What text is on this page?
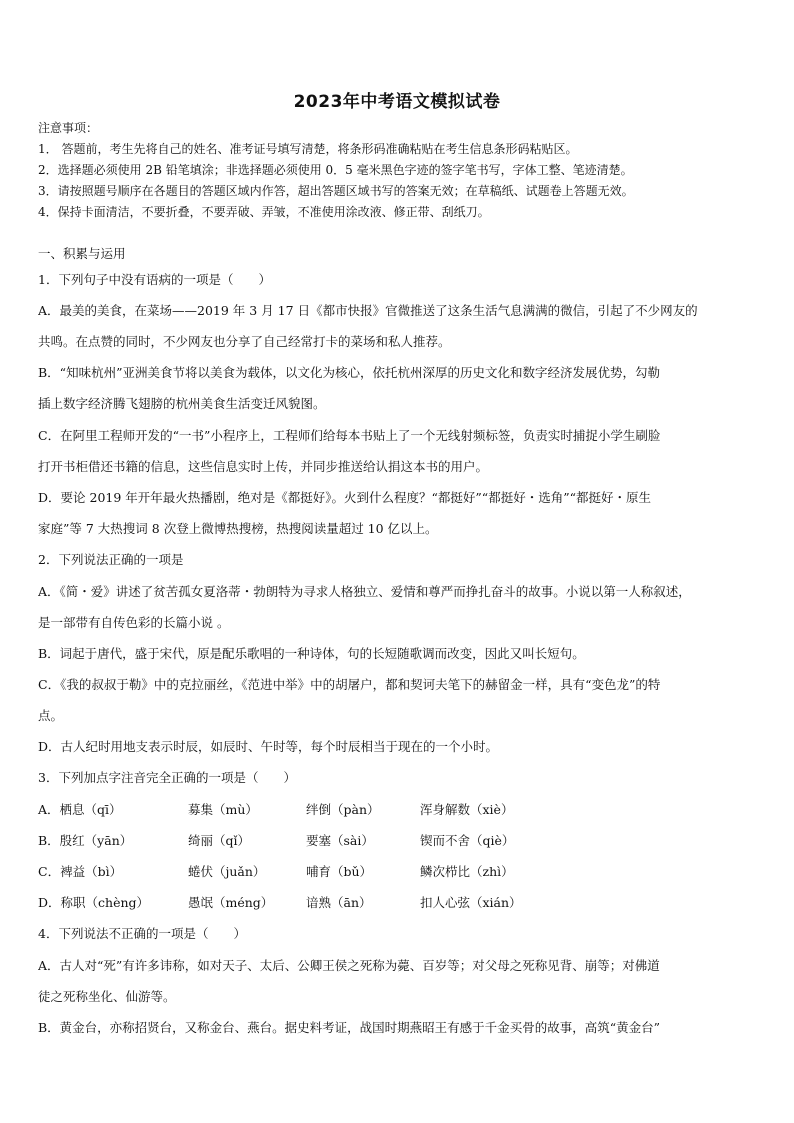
2023年中考语文模拟试卷
注意事项：
1． 答题前，考生先将自己的姓名、准考证号填写清楚，将条形码准确粘贴在考生信息条形码粘贴区。
2．选择题必须使用 2B 铅笔填涂；非选择题必须使用 0．5 毫米黑色字迹的签字笔书写，字体工整、笔迹清楚。
3．请按照题号顺序在各题目的答题区域内作答，超出答题区域书写的答案无效；在草稿纸、试题卷上答题无效。
4．保持卡面清洁，不要折叠，不要弄破、弄皱，不准使用涂改液、修正带、刮纸刀。
一、积累与运用
1．下列句子中没有语病的一项是（　　）
A．最美的美食，在菜场——2019 年 3 月 17 日《都市快报》官微推送了这条生活气息满满的微信，引起了不少网友的
共鸣。在点赞的同时，不少网友也分享了自己经常打卡的菜场和私人推荐。
B．“知味杭州”亚洲美食节将以美食为载体，以文化为核心，依托杭州深厚的历史文化和数字经济发展优势，勾勒
插上数字经济腾飞翅膀的杭州美食生活变迁风貌图。
C．在阿里工程师开发的“一书”小程序上，工程师们给每本书贴上了一个无线射频标签，负责实时捕捉小学生刷脸
打开书柜借还书籍的信息，这些信息实时上传，并同步推送给认捐这本书的用户。
D．要论 2019 年开年最火热播剧，绝对是《都挺好》。火到什么程度？“都挺好”“都挺好・选角”“都挺好・原生
家庭”等 7 大热搜词 8 次登上微博热搜榜，热搜阅读量超过 10 亿以上。
2．下列说法正确的一项是
A．《简・爱》讲述了贫苦孤女夏洛蒂・勃朗特为寻求人格独立、爱情和尊严而挣扎奋斗的故事。小说以第一人称叙述，
是一部带有自传色彩的长篇小说 。
B．词起于唐代，盛于宋代，原是配乐歌唱的一种诗体，句的长短随歌调而改变，因此又叫长短句。
C．《我的叔叔于勒》中的克拉丽丝，《范进中举》中的胡屠户，都和契诃夫笔下的赫留金一样，具有“变色龙”的特
点。
D．古人纪时用地支表示时辰，如辰时、午时等，每个时辰相当于现在的一个小时。
3．下列加点字注音完全正确的一项是（　　）
A．栖息（qī）	募集（mù）	绊倒（pàn）	浑身解数（xiè）
B．殷红（yān）	绮丽（qǐ）	要塞（sài）	锲而不舍（qiè）
C．裨益（bì）	蜷伏（juǎn）	哺育（bǔ）	鳞次栉比（zhì）
D．称职（chèng）	愚氓（méng）	谙熟（ān）	扣人心弦（xián）
4．下列说法不正确的一项是（　　）
A．古人对“死”有许多讳称，如对天子、太后、公卿王侯之死称为薨、百岁等；对父母之死称见背、崩等；对佛道
徒之死称坐化、仙游等。
B．黄金台，亦称招贤台，又称金台、燕台。据史料考证，战国时期燕昭王有感于千金买骨的故事，高筑“黄金台”
